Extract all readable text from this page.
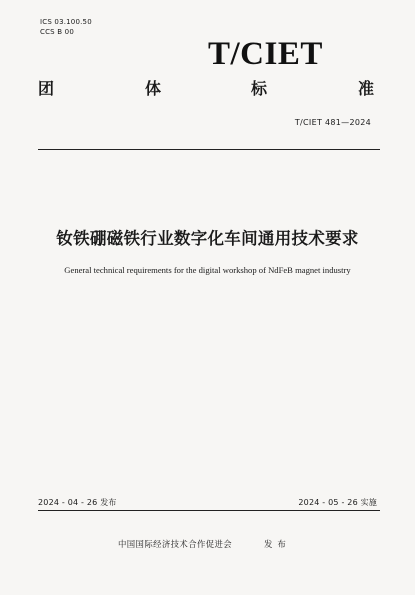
ICS 03.100.50
CCS B 00
T/CIET
团	体	标	准
T/CIET 481—2024
钕铁硼磁铁行业数字化车间通用技术要求
General technical requirements for the digital workshop of NdFeB magnet industry
2024 - 04 - 26 发布	2024 - 05 - 26 实施
中国国际经济技术合作促进会	发布
